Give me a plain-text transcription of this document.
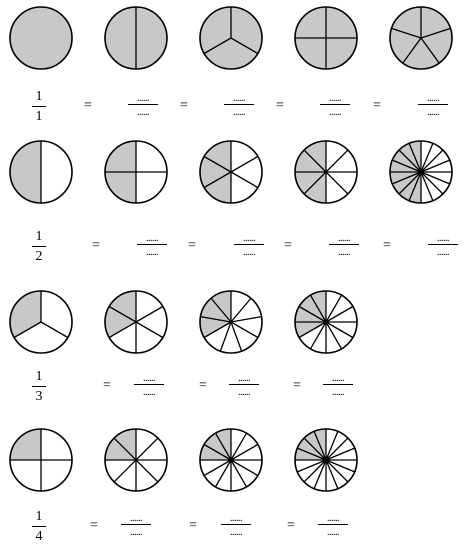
1
1
=	......
......	=	......
......	=	......
......	=	......
......
1
2
=	......
......	=	......
......	=	......
......	=	......
......
1
3
=	......
......	=	......
......	=	......
......
1
4
=	......
......	=	......
......	=	......
......
